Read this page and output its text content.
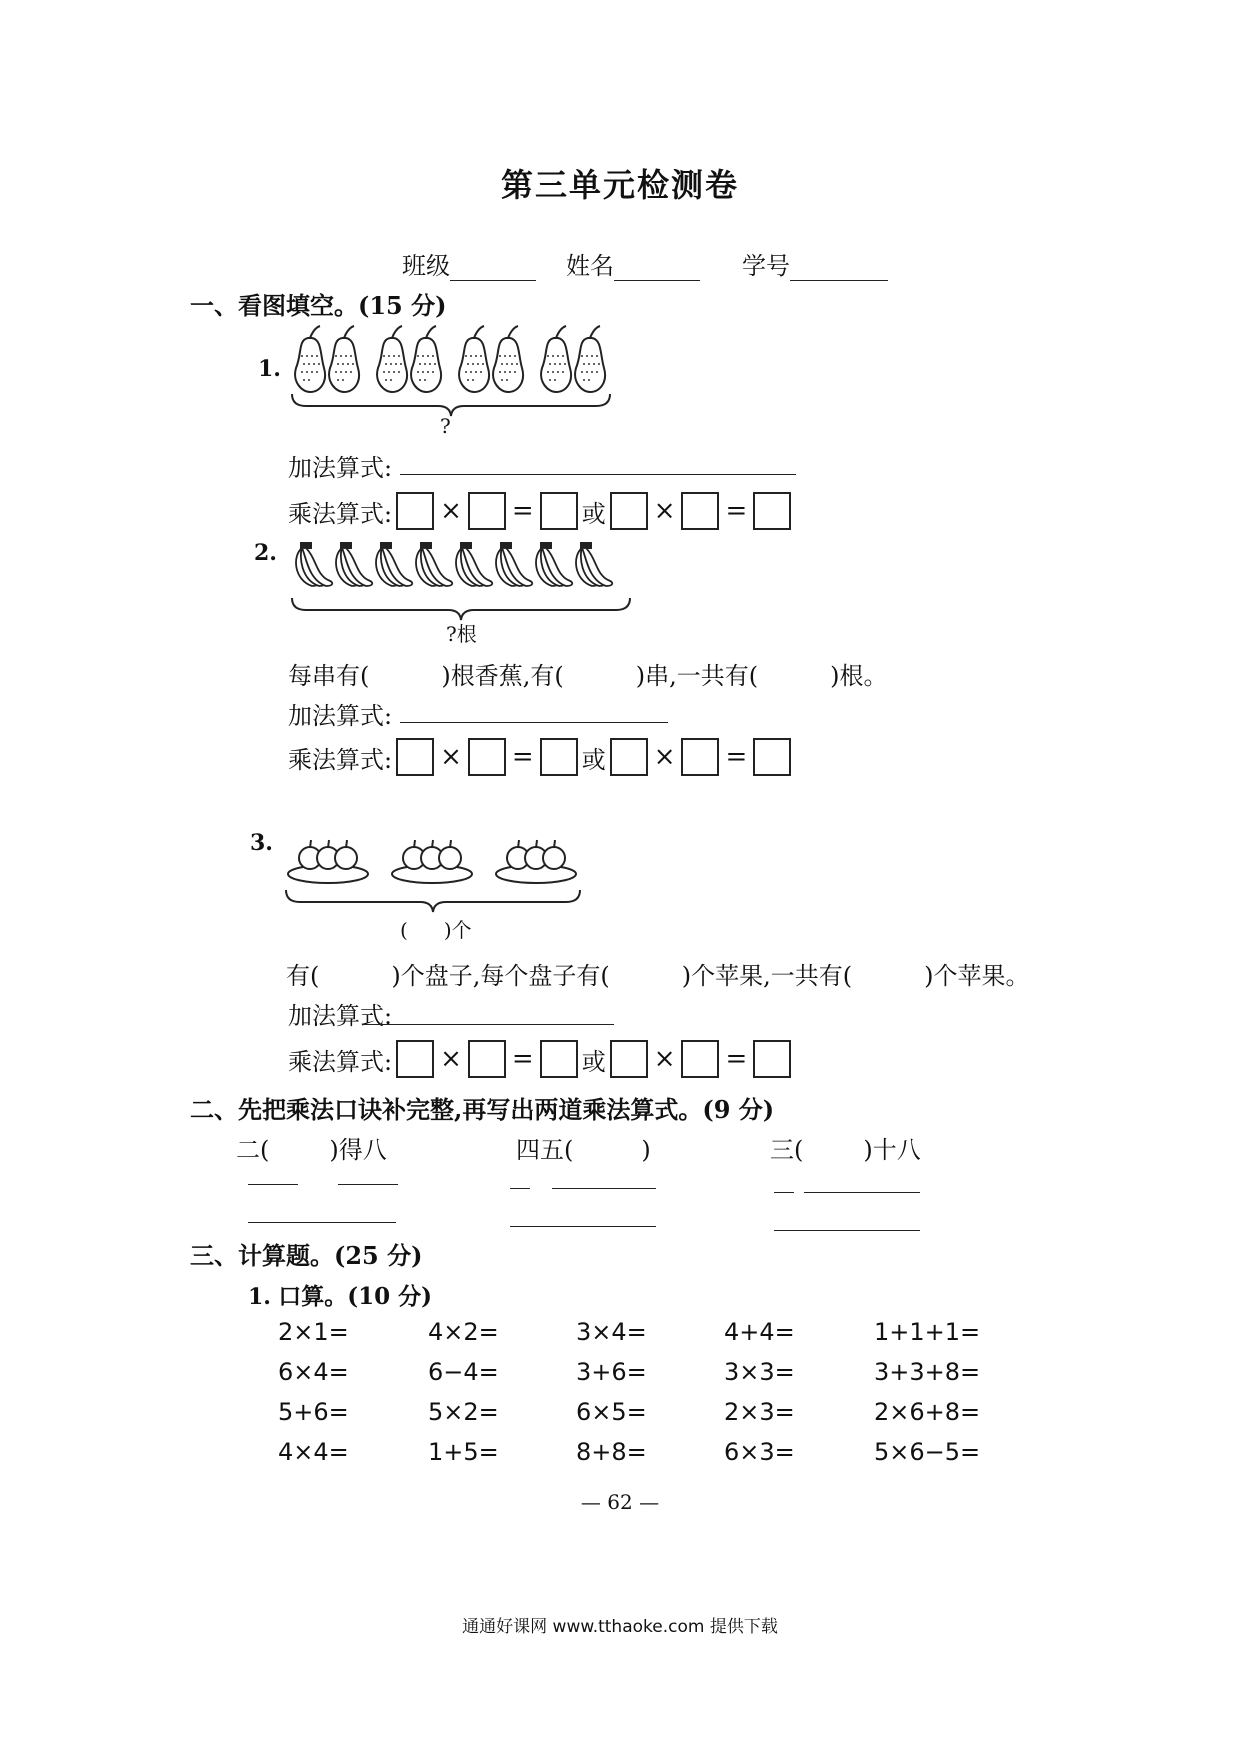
第三单元检测卷
班级	姓名	学号
一、看图填空。(15 分)
1.
?
加法算式:
乘法算式: × = 或 × =
2.
?根
每串有(	)根香蕉,有(	)串,一共有(	)根。
加法算式:
乘法算式: × = 或 × =
3.
( )个
有(	)个盘子,每个盘子有(	)个苹果,一共有(	)个苹果。
加法算式:
乘法算式: × = 或 × =
二、先把乘法口诀补完整,再写出两道乘法算式。(9 分)
二(	)得八	四五(	)	三(	)十八
三、计算题。(25 分)
1. 口算。(10 分)
2×1=	4×2=	3×4=	4+4=	1+1+1=
6×4=	6−4=	3+6=	3×3=	3+3+8=
5+6=	5×2=	6×5=	2×3=	2×6+8=
4×4=	1+5=	8+8=	6×3=	5×6−5=
— 62 —
通通好课网 www.tthaoke.com 提供下载
